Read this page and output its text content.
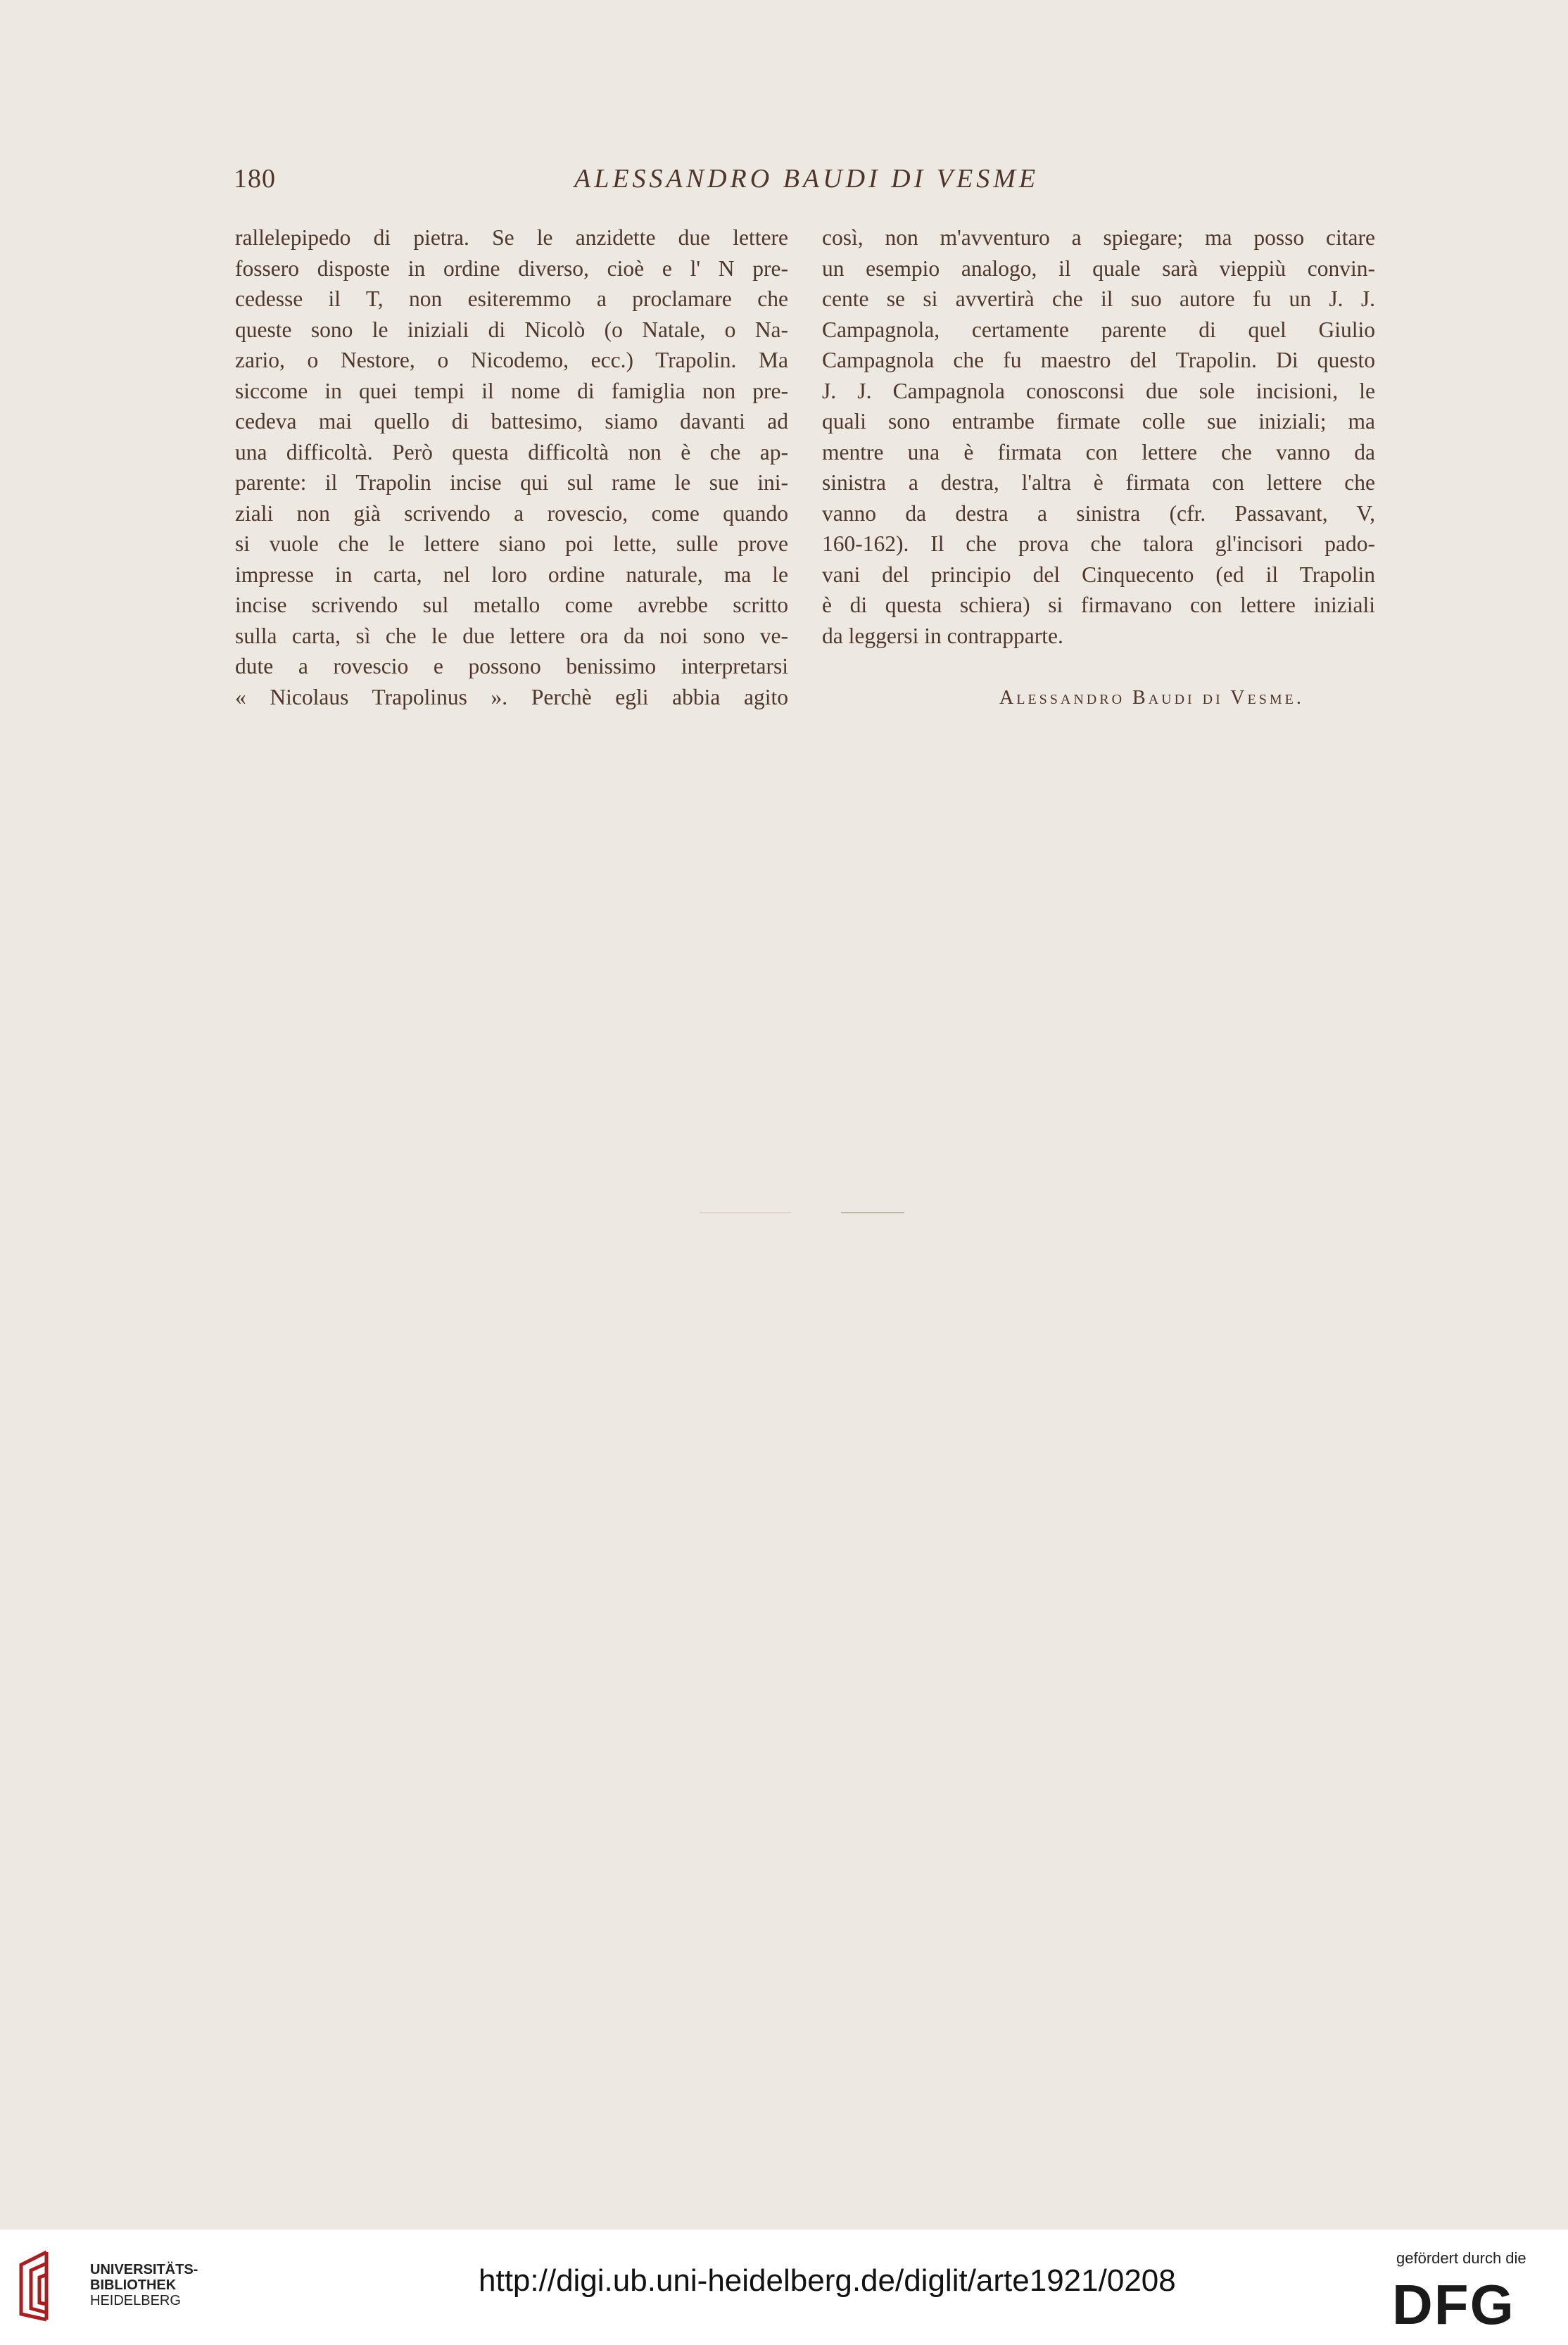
180	ALESSANDRO BAUDI DI VESME
rallelepipedo di pietra. Se le anzidette due lettere
fossero disposte in ordine diverso, cioè e l' N pre-
cedesse il T, non esiteremmo a proclamare che
queste sono le iniziali di Nicolò (o Natale, o Na-
zario, o Nestore, o Nicodemo, ecc.) Trapolin. Ma
siccome in quei tempi il nome di famiglia non pre-
cedeva mai quello di battesimo, siamo davanti ad
una difficoltà. Però questa difficoltà non è che ap-
parente: il Trapolin incise qui sul rame le sue ini-
ziali non già scrivendo a rovescio, come quando
si vuole che le lettere siano poi lette, sulle prove
impresse in carta, nel loro ordine naturale, ma le
incise scrivendo sul metallo come avrebbe scritto
sulla carta, sì che le due lettere ora da noi sono ve-
dute a rovescio e possono benissimo interpretarsi
« Nicolaus Trapolinus ». Perchè egli abbia agito
così, non m'avventuro a spiegare; ma posso citare
un esempio analogo, il quale sarà vieppiù convin-
cente se si avvertirà che il suo autore fu un J. J.
Campagnola, certamente parente di quel Giulio
Campagnola che fu maestro del Trapolin. Di questo
J. J. Campagnola conosconsi due sole incisioni, le
quali sono entrambe firmate colle sue iniziali; ma
mentre una è firmata con lettere che vanno da
sinistra a destra, l'altra è firmata con lettere che
vanno da destra a sinistra (cfr. Passavant, V,
160-162). Il che prova che talora gl'incisori pado-
vani del principio del Cinquecento (ed il Trapolin
è di questa schiera) si firmavano con lettere iniziali
da leggersi in contrapparte.
Alessandro Baudi di Vesme.
UNIVERSITÄTS-
BIBLIOTHEK
HEIDELBERG
http://digi.ub.uni-heidelberg.de/diglit/arte1921/0208
gefördert durch die
DFG
